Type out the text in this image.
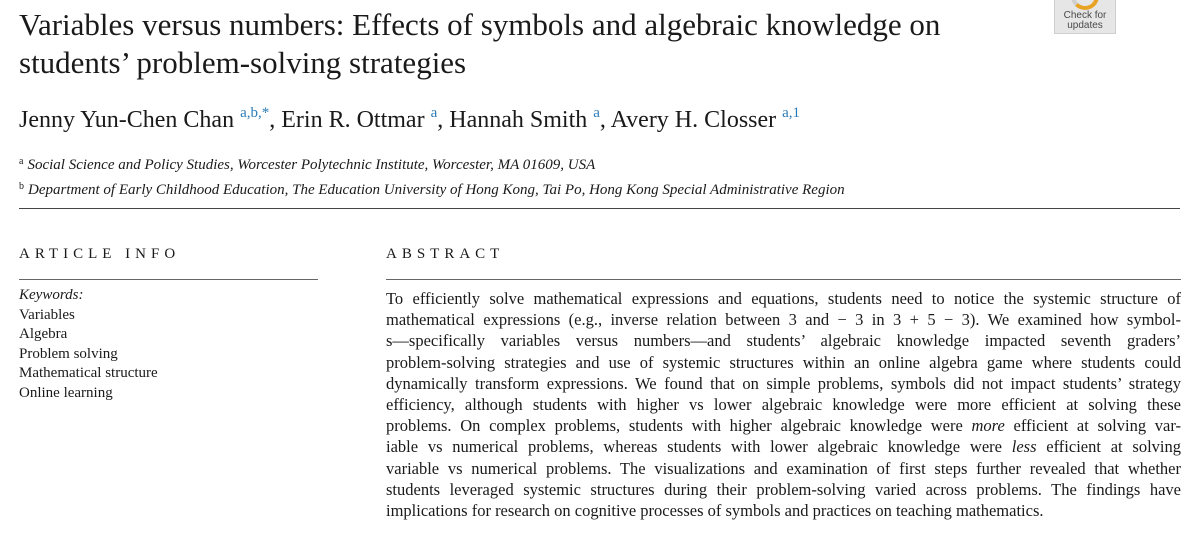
Variables versus numbers: Effects of symbols and algebraic knowledge on students’ problem-solving strategies
Check for
updates
Jenny Yun-Chen Chan $^{a,b,*}$, Erin R. Ottmar $^a$, Hannah Smith $^a$, Avery H. Closser $^{a,1}$
$^a$ Social Science and Policy Studies, Worcester Polytechnic Institute, Worcester, MA 01609, USA
$^b$ Department of Early Childhood Education, The Education University of Hong Kong, Tai Po, Hong Kong Special Administrative Region
ARTICLE INFO	ABSTRACT
Keywords:
Variables
Algebra
Problem solving
Mathematical structure
Online learning
To efficiently solve mathematical expressions and equations, students need to notice the systemic structure of
mathematical expressions (e.g., inverse relation between 3 and − 3 in 3 + 5 − 3). We examined how symbol-
s—specifically variables versus numbers—and students’ algebraic knowledge impacted seventh graders’
problem-solving strategies and use of systemic structures within an online algebra game where students could
dynamically transform expressions. We found that on simple problems, symbols did not impact students’ strategy
efficiency, although students with higher vs lower algebraic knowledge were more efficient at solving these
problems. On complex problems, students with higher algebraic knowledge were more efficient at solving var-
iable vs numerical problems, whereas students with lower algebraic knowledge were less efficient at solving
variable vs numerical problems. The visualizations and examination of first steps further revealed that whether
students leveraged systemic structures during their problem-solving varied across problems. The findings have
implications for research on cognitive processes of symbols and practices on teaching mathematics.
